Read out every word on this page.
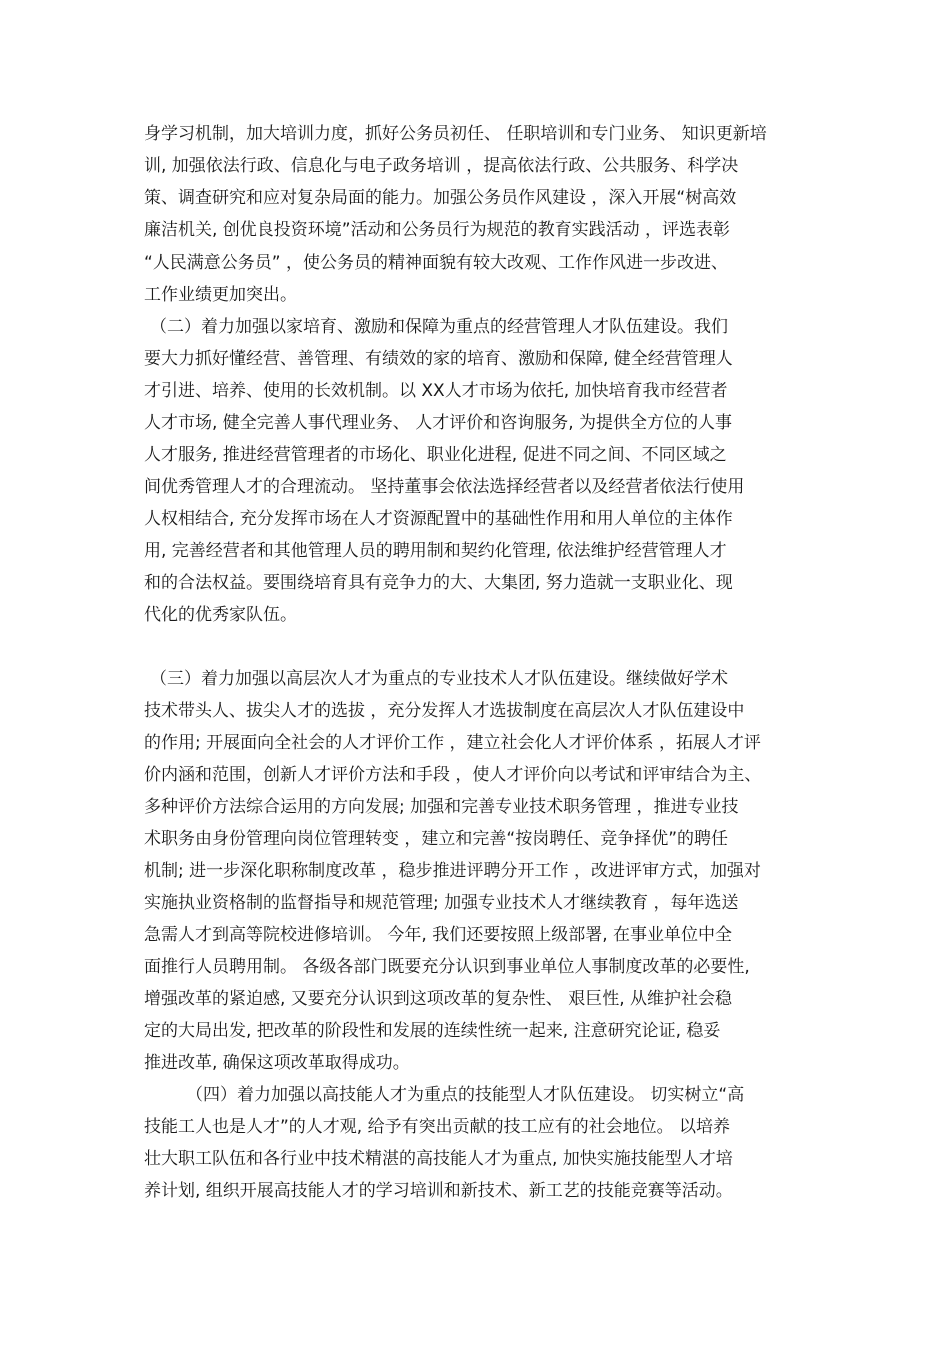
身学习机制，加大培训力度，抓好公务员初任、 任职培训和专门业务、 知识更新培
训, 加强依法行政、信息化与电子政务培训 ，提高依法行政、公共服务、科学决
策、调查研究和应对复杂局面的能力。加强公务员作风建设 ，深入开展“树高效
廉洁机关, 创优良投资环境”活动和公务员行为规范的教育实践活动 ，评选表彰
“人民满意公务员” ，使公务员的精神面貌有较大改观、工作作风进一步改进、
工作业绩更加突出。
（二）着力加强以家培育、激励和保障为重点的经营管理人才队伍建设。我们
要大力抓好懂经营、善管理、有绩效的家的培育、激励和保障, 健全经营管理人
才引进、培养、使用的长效机制。以 XX人才市场为依托, 加快培育我市经营者
人才市场, 健全完善人事代理业务、 人才评价和咨询服务, 为提供全方位的人事
人才服务, 推进经营管理者的市场化、职业化进程, 促进不同之间、不同区域之
间优秀管理人才的合理流动。 坚持董事会依法选择经营者以及经营者依法行使用
人权相结合, 充分发挥市场在人才资源配置中的基础性作用和用人单位的主体作
用, 完善经营者和其他管理人员的聘用制和契约化管理, 依法维护经营管理人才
和的合法权益。要围绕培育具有竞争力的大、大集团, 努力造就一支职业化、现
代化的优秀家队伍。
（三）着力加强以高层次人才为重点的专业技术人才队伍建设。继续做好学术
技术带头人、拔尖人才的选拔 ，充分发挥人才选拔制度在高层次人才队伍建设中
的作用; 开展面向全社会的人才评价工作 ，建立社会化人才评价体系 ，拓展人才评
价内涵和范围，创新人才评价方法和手段 ，使人才评价向以考试和评审结合为主、
多种评价方法综合运用的方向发展; 加强和完善专业技术职务管理 ，推进专业技
术职务由身份管理向岗位管理转变 ，建立和完善“按岗聘任、竞争择优”的聘任
机制; 进一步深化职称制度改革 ，稳步推进评聘分开工作 ，改进评审方式，加强对
实施执业资格制的监督指导和规范管理; 加强专业技术人才继续教育 ，每年选送
急需人才到高等院校进修培训。 今年, 我们还要按照上级部署, 在事业单位中全
面推行人员聘用制。 各级各部门既要充分认识到事业单位人事制度改革的必要性,
增强改革的紧迫感, 又要充分认识到这项改革的复杂性、 艰巨性, 从维护社会稳
定的大局出发, 把改革的阶段性和发展的连续性统一起来, 注意研究论证, 稳妥
推进改革, 确保这项改革取得成功。
（四）着力加强以高技能人才为重点的技能型人才队伍建设。 切实树立“高
技能工人也是人才”的人才观, 给予有突出贡献的技工应有的社会地位。 以培养
壮大职工队伍和各行业中技术精湛的高技能人才为重点, 加快实施技能型人才培
养计划, 组织开展高技能人才的学习培训和新技术、新工艺的技能竞赛等活动。
